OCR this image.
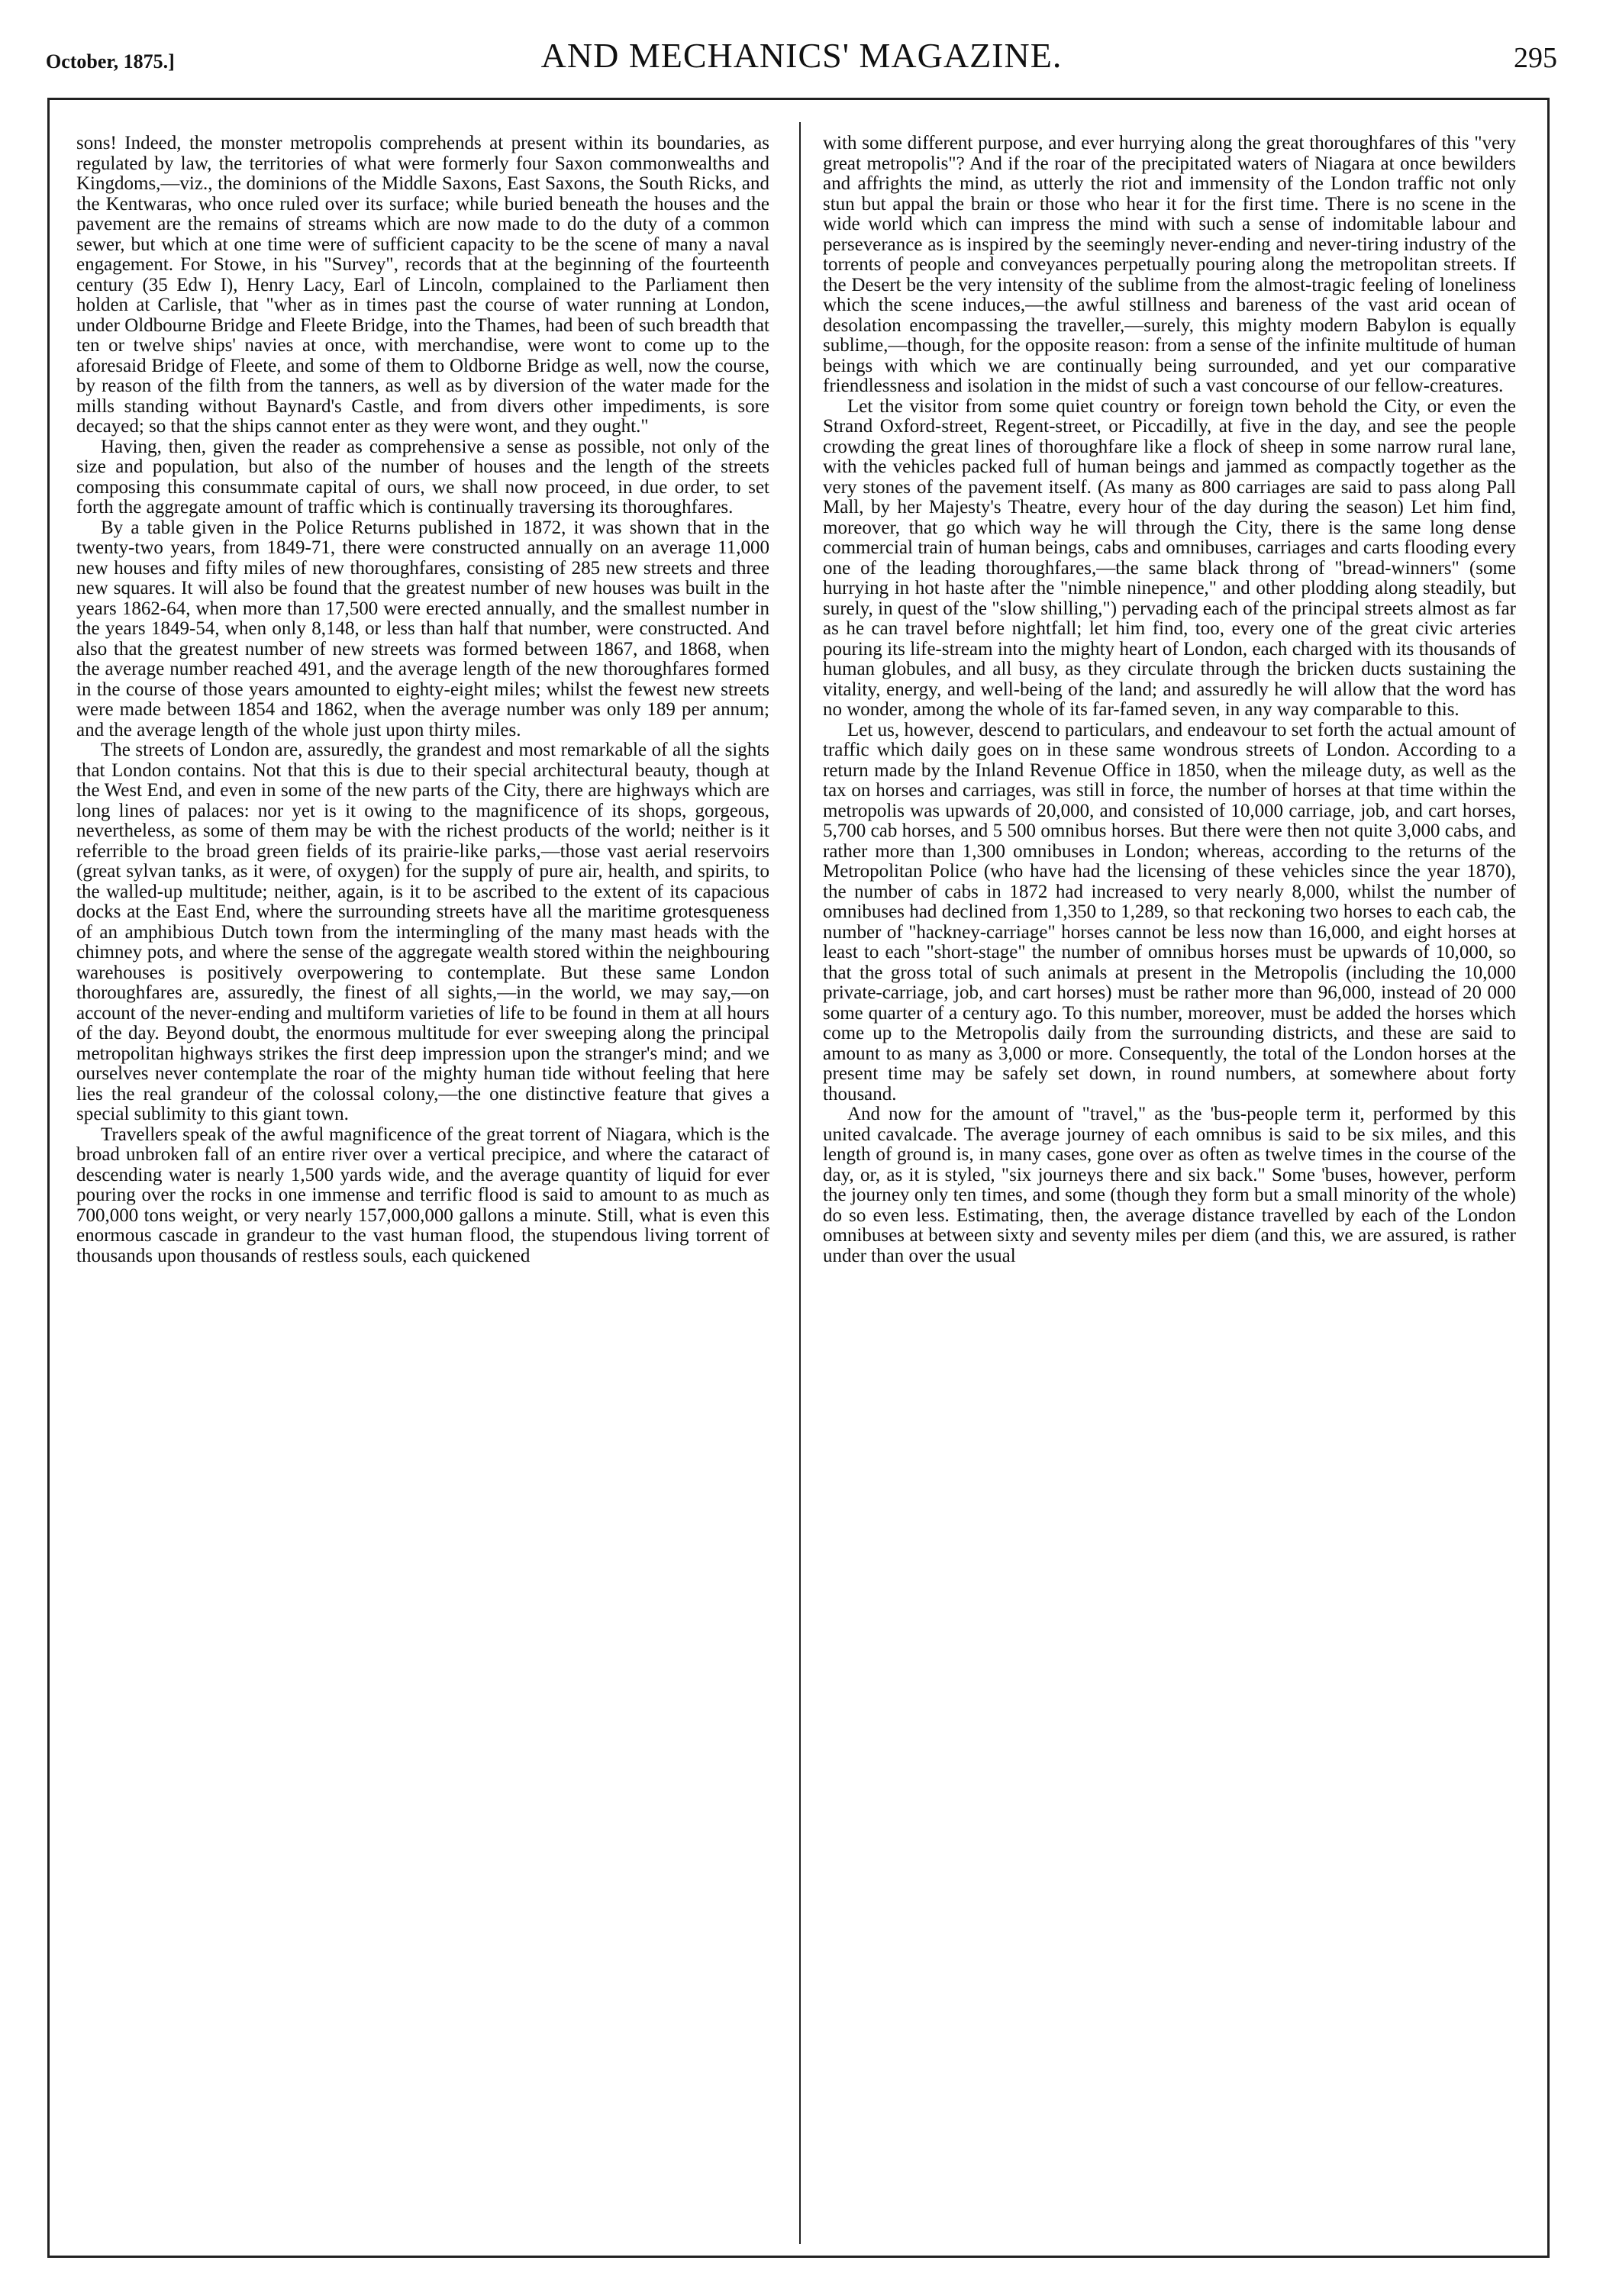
October, 1875.]	AND MECHANICS' MAGAZINE.	295

sons! Indeed, the monster metropolis comprehends at present within its boundaries, as regulated by law, the territories of what were formerly four Saxon commonwealths and Kingdoms,—viz., the dominions of the Middle Saxons, East Saxons, the South Ricks, and the Kentwaras, who once ruled over its surface; while buried beneath the houses and the pavement are the remains of streams which are now made to do the duty of a common sewer, but which at one time were of sufficient capacity to be the scene of many a naval engagement. For Stowe, in his "Survey", records that at the beginning of the fourteenth century (35 Edw I), Henry Lacy, Earl of Lincoln, complained to the Parliament then holden at Carlisle, that "wher as in times past the course of water running at London, under Oldbourne Bridge and Fleete Bridge, into the Thames, had been of such breadth that ten or twelve ships' navies at once, with merchandise, were wont to come up to the aforesaid Bridge of Fleete, and some of them to Oldborne Bridge as well, now the course, by reason of the filth from the tanners, as well as by diversion of the water made for the mills standing without Baynard's Castle, and from divers other impediments, is sore decayed; so that the ships cannot enter as they were wont, and they ought."

Having, then, given the reader as comprehensive a sense as possible, not only of the size and population, but also of the number of houses and the length of the streets composing this consummate capital of ours, we shall now proceed, in due order, to set forth the aggregate amount of traffic which is continually traversing its thoroughfares.

By a table given in the Police Returns published in 1872, it was shown that in the twenty-two years, from 1849-71, there were constructed annually on an average 11,000 new houses and fifty miles of new thoroughfares, consisting of 285 new streets and three new squares. It will also be found that the greatest number of new houses was built in the years 1862-64, when more than 17,500 were erected annually, and the smallest number in the years 1849-54, when only 8,148, or less than half that number, were constructed. And also that the greatest number of new streets was formed between 1867, and 1868, when the average number reached 491, and the average length of the new thoroughfares formed in the course of those years amounted to eighty-eight miles; whilst the fewest new streets were made between 1854 and 1862, when the average number was only 189 per annum; and the average length of the whole just upon thirty miles.

The streets of London are, assuredly, the grandest and most remarkable of all the sights that London contains. Not that this is due to their special architectural beauty, though at the West End, and even in some of the new parts of the City, there are highways which are long lines of palaces: nor yet is it owing to the magnificence of its shops, gorgeous, nevertheless, as some of them may be with the richest products of the world; neither is it referrible to the broad green fields of its prairie-like parks,—those vast aerial reservoirs (great sylvan tanks, as it were, of oxygen) for the supply of pure air, health, and spirits, to the walled-up multitude; neither, again, is it to be ascribed to the extent of its capacious docks at the East End, where the surrounding streets have all the maritime grotesqueness of an amphibious Dutch town from the intermingling of the many mast heads with the chimney pots, and where the sense of the aggregate wealth stored within the neighbouring warehouses is positively overpowering to contemplate. But these same London thoroughfares are, assuredly, the finest of all sights,—in the world, we may say,—on account of the never-ending and multiform varieties of life to be found in them at all hours of the day. Beyond doubt, the enormous multitude for ever sweeping along the principal metropolitan highways strikes the first deep impression upon the stranger's mind; and we ourselves never contemplate the roar of the mighty human tide without feeling that here lies the real grandeur of the colossal colony,—the one distinctive feature that gives a special sublimity to this giant town.

Travellers speak of the awful magnificence of the great torrent of Niagara, which is the broad unbroken fall of an entire river over a vertical precipice, and where the cataract of descending water is nearly 1,500 yards wide, and the average quantity of liquid for ever pouring over the rocks in one immense and terrific flood is said to amount to as much as 700,000 tons weight, or very nearly 157,000,000 gallons a minute. Still, what is even this enormous cascade in grandeur to the vast human flood, the stupendous living torrent of thousands upon thousands of restless souls, each quickened

with some different purpose, and ever hurrying along the great thoroughfares of this "very great metropolis"? And if the roar of the precipitated waters of Niagara at once bewilders and affrights the mind, as utterly the riot and immensity of the London traffic not only stun but appal the brain or those who hear it for the first time. There is no scene in the wide world which can impress the mind with such a sense of indomitable labour and perseverance as is inspired by the seemingly never-ending and never-tiring industry of the torrents of people and conveyances perpetually pouring along the metropolitan streets. If the Desert be the very intensity of the sublime from the almost-tragic feeling of loneliness which the scene induces,—the awful stillness and bareness of the vast arid ocean of desolation encompassing the traveller,—surely, this mighty modern Babylon is equally sublime,—though, for the opposite reason: from a sense of the infinite multitude of human beings with which we are continually being surrounded, and yet our comparative friendlessness and isolation in the midst of such a vast concourse of our fellow-creatures.

Let the visitor from some quiet country or foreign town behold the City, or even the Strand Oxford-street, Regent-street, or Piccadilly, at five in the day, and see the people crowding the great lines of thoroughfare like a flock of sheep in some narrow rural lane, with the vehicles packed full of human beings and jammed as compactly together as the very stones of the pavement itself. (As many as 800 carriages are said to pass along Pall Mall, by her Majesty's Theatre, every hour of the day during the season) Let him find, moreover, that go which way he will through the City, there is the same long dense commercial train of human beings, cabs and omnibuses, carriages and carts flooding every one of the leading thoroughfares,—the same black throng of "bread-winners" (some hurrying in hot haste after the "nimble ninepence," and other plodding along steadily, but surely, in quest of the "slow shilling,") pervading each of the principal streets almost as far as he can travel before nightfall; let him find, too, every one of the great civic arteries pouring its life-stream into the mighty heart of London, each charged with its thousands of human globules, and all busy, as they circulate through the bricken ducts sustaining the vitality, energy, and well-being of the land; and assuredly he will allow that the word has no wonder, among the whole of its far-famed seven, in any way comparable to this.

Let us, however, descend to particulars, and endeavour to set forth the actual amount of traffic which daily goes on in these same wondrous streets of London. According to a return made by the Inland Revenue Office in 1850, when the mileage duty, as well as the tax on horses and carriages, was still in force, the number of horses at that time within the metropolis was upwards of 20,000, and consisted of 10,000 carriage, job, and cart horses, 5,700 cab horses, and 5 500 omnibus horses. But there were then not quite 3,000 cabs, and rather more than 1,300 omnibuses in London; whereas, according to the returns of the Metropolitan Police (who have had the licensing of these vehicles since the year 1870), the number of cabs in 1872 had increased to very nearly 8,000, whilst the number of omnibuses had declined from 1,350 to 1,289, so that reckoning two horses to each cab, the number of "hackney-carriage" horses cannot be less now than 16,000, and eight horses at least to each "short-stage" the number of omnibus horses must be upwards of 10,000, so that the gross total of such animals at present in the Metropolis (including the 10,000 private-carriage, job, and cart horses) must be rather more than 96,000, instead of 20 000 some quarter of a century ago. To this number, moreover, must be added the horses which come up to the Metropolis daily from the surrounding districts, and these are said to amount to as many as 3,000 or more. Consequently, the total of the London horses at the present time may be safely set down, in round numbers, at somewhere about forty thousand.

And now for the amount of "travel," as the 'bus-people term it, performed by this united cavalcade. The average journey of each omnibus is said to be six miles, and this length of ground is, in many cases, gone over as often as twelve times in the course of the day, or, as it is styled, "six journeys there and six back." Some 'buses, however, perform the journey only ten times, and some (though they form but a small minority of the whole) do so even less. Estimating, then, the average distance travelled by each of the London omnibuses at between sixty and seventy miles per diem (and this, we are assured, is rather under than over the usual
